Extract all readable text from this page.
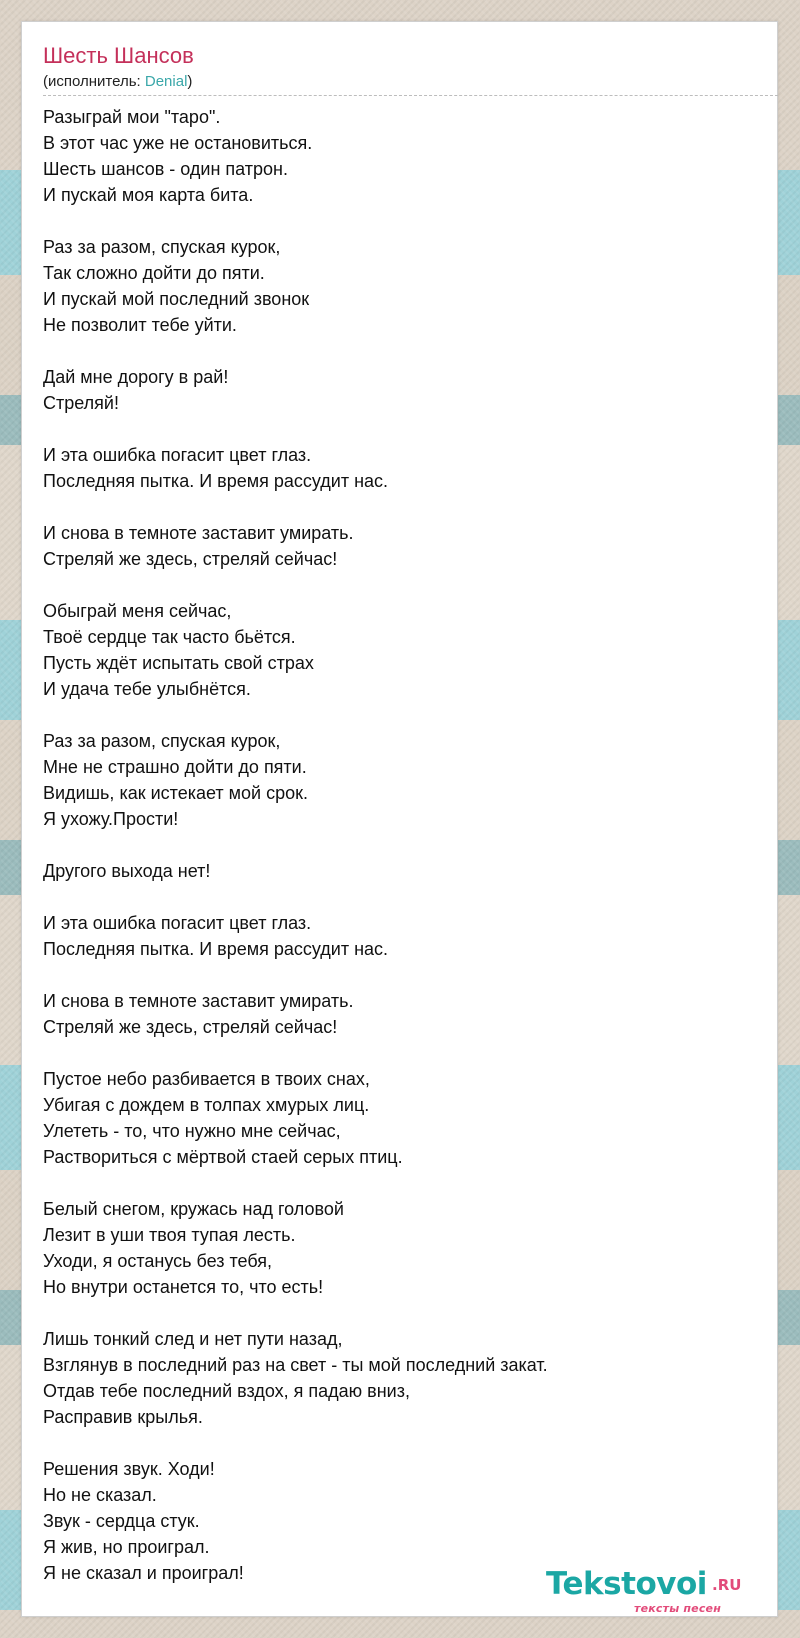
Шесть Шансов
(исполнитель: Denial)
Разыграй мои "таро".
В этот час уже не остановиться.
Шесть шансов - один патрон.
И пускай моя карта бита.
Раз за разом, спуская курок,
Так сложно дойти до пяти.
И пускай мой последний звонок
Не позволит тебе уйти.
Дай мне дорогу в рай!
Стреляй!
И эта ошибка погасит цвет глаз.
Последняя пытка. И время рассудит нас.
И снова в темноте заставит умирать.
Стреляй же здесь, стреляй сейчас!
Обыграй меня сейчас,
Твоё сердце так часто бьётся.
Пусть ждёт испытать свой страх
И удача тебе улыбнётся.
Раз за разом, спуская курок,
Мне не страшно дойти до пяти.
Видишь, как истекает мой срок.
Я ухожу.Прости!
Другого выхода нет!
И эта ошибка погасит цвет глаз.
Последняя пытка. И время рассудит нас.
И снова в темноте заставит умирать.
Стреляй же здесь, стреляй сейчас!
Пустое небо разбивается в твоих снах,
Убигая с дождем в толпах хмурых лиц.
Улететь - то, что нужно мне сейчас,
Раствориться с мёртвой стаей серых птиц.
Белый снегом, кружась над головой
Лезит в уши твоя тупая лесть.
Уходи, я останусь без тебя,
Но внутри останется то, что есть!
Лишь тонкий след и нет пути назад,
Взглянув в последний раз на свет - ты мой последний закат.
Отдав тебе последний вздох, я падаю вниз,
Расправив крылья.
Решения звук. Ходи!
Но не сказал.
Звук - сердца стук.
Я жив, но проиграл.
Я не сказал и проиграл!	Tekstovoi .RU
тексты песен
